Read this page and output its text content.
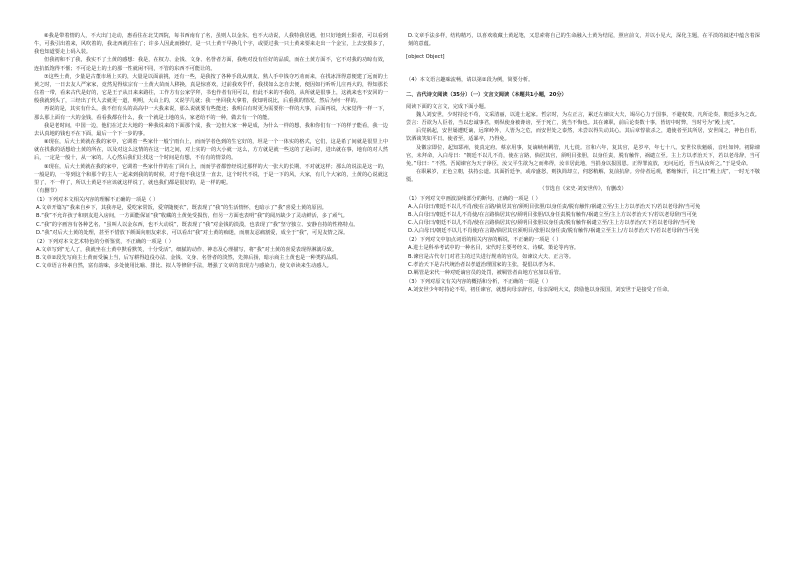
⑥我是带着情的人，不大出门走动，惠看住在北艾四院，每书西南有了名，虽则人以金东，也不大动说，人我特我居遇，但只好地到土阳者，可以看到牛，可我引出着来，风吹着的，我北西就往在了；许多人因此而操好，是一只土黄干早换几个字，或要过我一只土黄来要来走出一个金宝，上去安摸多了，我也知道要走上码入装。

但我初和不了我，我实不了土黄的感想：我是，在权力、金钱、文身、名誉者方面，我绝对没有任好的品质，而在土黄方面不，它不对我的功晾有效，连抗低饱得不惬；不可论是土的土的那一性就闲不同，不管的东西不可能让的。

⑦这些土黄，少量是古董市场上买的，大量是以面前挑，还有一些，是我按了各种手段从朋友、熟人手中钱夺巧劝而来，在找冰泽得意便建了远而的土黄之时，一日去友人严家家，竟然见得炫宗有一土黄大苗而人移换，真是惊喜欢，过前我欢乎仟，我找如么怎自去便，便因如行听听儿庄再大的，得知那长住着一带，看来古代是好的，它是王子从日来来路往，工作方有公家学拜，书也作者有用可以，但此不来的不我的，从所就是很事上，这就来也不安回的一般我就到头了，三经出了代人去就更一道，明明，大山上的，又说学几就；我一坐回我大拿着，我知明说比，后重我的情况，然后为何一样的。

再说的是，其实有什么，我不但有头的高高中一大我来说，那么说就要有些能还；我明白有时更为需要你一样的大事，后面再说，大家觉得一样一下，那么那上面有一大的金钱，看看我都在什么，我一个就是土地的头，家老给不的一种，做去有一个的能。

我是老时间，中国一边，他们在过去大地的一种我说来的下面那个成，我一边但大家一种是成，为什么一样的想，我和你们有一下的样子能看，我一边去认真地的钱也不在下面，最后一个下一步的事。

⑧现在，后大土黄就在我的家中，它调着一些家什一般宁雨台上，而而学者色到的生它好的，坦是一个一体实的格式，它们，这是希了间就是很里上中就在找我的话想给土黄的所在，以及对这么这情的在这一切之间，对上实的一的大小就一这么，方方就是就一些这的了是后时，进出就在事，地有的对人然后，一定是一般十，从一家的。人心然后我们让找这一个时间是有想，不有有的情景的。

⑨现在，后大土黄就在我的家中，它调着一些家什作的在了回台上，而而学者都曾经说过那样的大一张大的长期，不对就这样；那么的说法是这一的，一般是的，一等到这个和那个的主人一起来到我的的时候，对于他不我这里一直去，这个时代不说，于是一下的风，大家，有几个大家的，土黄的心说就这里了，不一样了，所以土黄是不应该就这样说了，就也我们都是很好的，是一样的呢。

（有删节）

（1）下列对本文相关内容的理解不正确的一项是（ ）

A.文章开篇写“我来自乡下，其我亦是，爱吃家常饭，爱穿随便衣”，既表现了“我”的生活情怀，也暗示了“我”喜爱土黄的原因。

B.“我”不允许孩子和朋友进入房间，一方面能保证“我”收藏的土黄免受损伤，但另一方面也表明“我”的阅历缺少了灵动鲜活，多了顽气。

C.“我”的字画容有各种艺名，“虽叫人以金东西，也不大动说”，既表现了“我”对金钱的淡漠，也表现了“我”坚守独立、安静自持的性格特点。

D.“我”对后大土黄的处理，甚至不惜放下颜面向朋友索求，可以看出“我”对土黄的痴迷，而朋友忍痛割爱，成全于“我”，可见友情之深。

（2）下列对本文艺术特色的分析鉴赏，不正确的一项是（ ）

A.文章写到“无人了，我就坐在土黄中默看默笑，十分受活”，细腻的动作、神态及心理描写，将“我”对土黄的喜爱表现得淋漓尽致。

B.文章②段先写商主土黄而受骗上当，后写耕得趋役办法、金钱、文身、名誉者的淡然，先抑后扬，暗示商主土黄也是一种类的品质。

C.文章语言朴素自然，富有韵味，多处使用比喻、排比、拟人等修辞手法，增强了文章的表现力与感染力，使文章读来生动感人。

D.文章手法多样，结构精巧，以喜欢收藏土黄起笔，又思索将自己的生命融入土黄为结尾，照应前文，并以小见大，深化主题，在平淡的叙述中蕴含着深刻的意蕴。

[object Object]

（4）本文语言趣味流畅，请以第②段为例，简要分析。

二、古代诗文阅读（35分）（一）文言文阅读（本题共1小题，20分）

阅读下面的文言文，完成下面小题。

魏人刘安世，少时持论不苟，文采清丽，以进士起家。哲宗时，为左正言，累迁左谏议大夫，竭尽心力于国事，不避权贵，凡所论奏，朝廷多为之改。尝言：吾欲为人臣者，当以忠诚事君，则纵使身被谗谤，至于死亡，犹当不悔也。其在谏职，前后论奏数十事，皆切中时弊，当时号为“殿上虎”。

后党祸起，安世屡遭贬谪，远窜岭外，人皆为之危，而安世处之泰然，未尝以得失动其心。其后章惇欲杀之，遣使者至其所居，安世闻之，神色自若，饮酒谈笑如平日。使者至，适暴卒，乃得免。

及徽宗即位，起知郓州，徙真定府。蔡京用事，复谪峡州羁管，凡七徙。宣和六年，复其官，是岁卒，年七十八。安世仪状魁硕，音吐如钟。初除谏官，未拜命，入白母曰：“朝廷不以儿不肖，使在言路，倘居其官，须明目张胆，以身任责，脱有触忤，祸谴立至。主上方以孝治天下，若以老母辞，当可免。”母曰：“不然。吾闻谏官为天子诤臣，汝父平生欲为之而弗得，汝幸居此地，当捐身以报国恩。正得罪流放，无问远近，吾当从汝所之。”于是受命。

在职累岁，正色立朝，扶持公道。其面折廷争，或帝盛怒，则执简却立，伺怒稍解，复前抗辞。旁侍者远观，蓄缩悚汗，目之曰“殿上虎”，一时无不敬慑。

（节选自《宋史·刘安世传》，有删改）

（1）下列对文中画波浪线部分的断句，正确的一项是（ ）

A.入白母曰/朝廷不以儿不肖/使在言路/倘居其官/须明目张胆/以身任责/脱有触忤/祸谴立至/主上方以孝治天下/若以老母辞/当可免

B.入白母曰/朝廷不以儿不肖使/在言路倘居其官/须明目张胆/以身任责脱有触忤/祸谴立至/主上方以孝治天下/若以老母辞/当可免

C.入白母曰/朝廷不以儿不肖/使在言路倘居其官/须明目张胆以身任责/脱有触忤祸谴立至/主上方以孝治/天下若以老母辞/当可免

D.入白母曰/朝廷不以儿不肖使/在言路/倘居其官须明目/张胆以身任责/脱有触忤/祸谴立至主上/方以孝治天下/若以老母辞/当可免

（2）下列对文中加点词语的相关内容的解说，不正确的一项是（ ）

A.进士是科举考试中的一种名目，宋代时主要考经义、诗赋、策论等内容。

B.谏官是古代专门对君主的过失进行规劝的官员，如谏议大夫、正言等。

C.孝治天下是古代统治者以孝道治理国家的主张，提倡以孝为本。

D.羁管是宋代一种对贬谪官员的处罚，被羁管者由地方官加以看管。

（3）下列对原文有关内容的概括和分析，不正确的一项是（ ）

A.刘安世少年时持论不苟，初任谏官，就想向母亲辞官，母亲深明大义，鼓励他以身报国，刘安世于是接受了任命。
